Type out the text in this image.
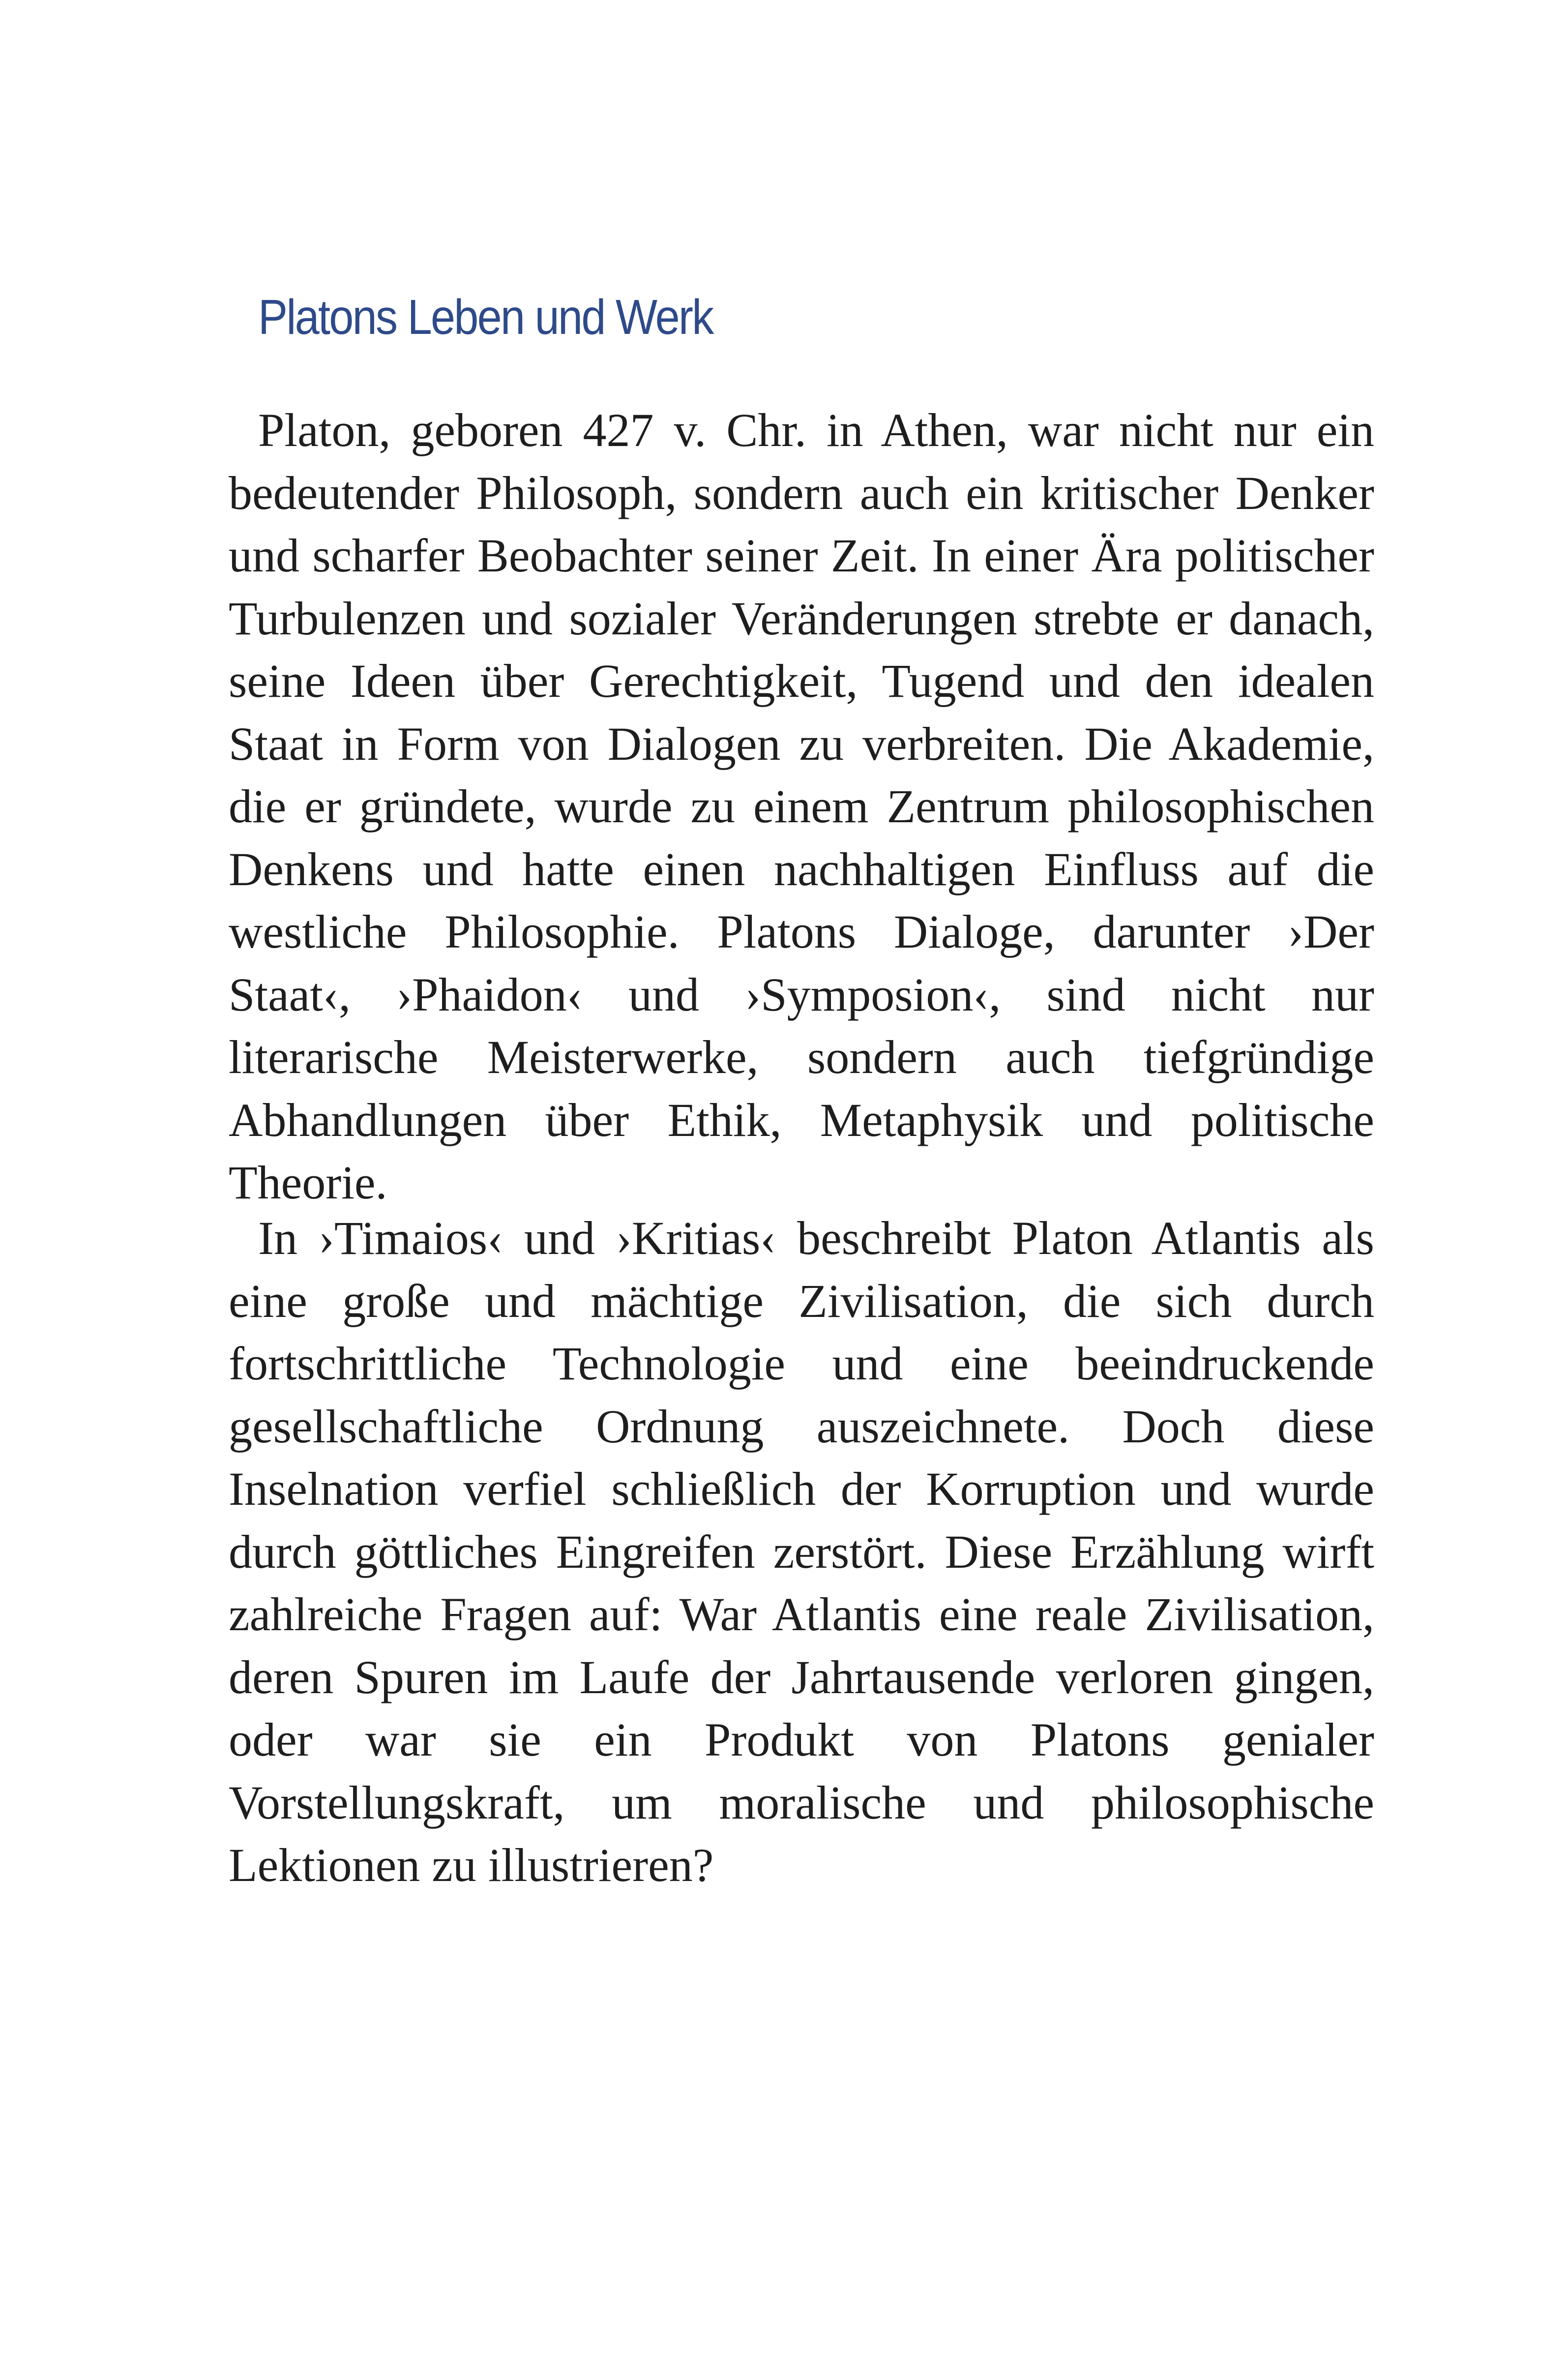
Platons Leben und Werk

Platon, geboren 427 v. Chr. in Athen, war nicht nur ein bedeutender Philosoph, sondern auch ein kritischer Denker und scharfer Beobachter seiner Zeit. In einer Ära politischer Turbulenzen und sozialer Veränderungen strebte er danach, seine Ideen über Gerechtigkeit, Tugend und den idealen Staat in Form von Dialogen zu verbreiten. Die Akademie, die er gründete, wurde zu einem Zentrum philosophischen Denkens und hatte einen nachhaltigen Einfluss auf die westliche Philosophie. Platons Dialoge, darunter ›Der Staat‹, ›Phaidon‹ und ›Symposion‹, sind nicht nur literarische Meisterwerke, sondern auch tiefgründige Abhandlungen über Ethik, Metaphysik und politische Theorie.

In ›Timaios‹ und ›Kritias‹ beschreibt Platon Atlantis als eine große und mächtige Zivilisation, die sich durch fortschrittliche Technologie und eine beeindruckende gesellschaftliche Ordnung auszeichnete. Doch diese Inselnation verfiel schließlich der Korruption und wurde durch göttliches Eingreifen zerstört. Diese Erzählung wirft zahlreiche Fragen auf: War Atlantis eine reale Zivilisation, deren Spuren im Laufe der Jahrtausende verloren gingen, oder war sie ein Produkt von Platons genialer Vorstellungskraft, um moralische und philosophische Lektionen zu illustrieren?
